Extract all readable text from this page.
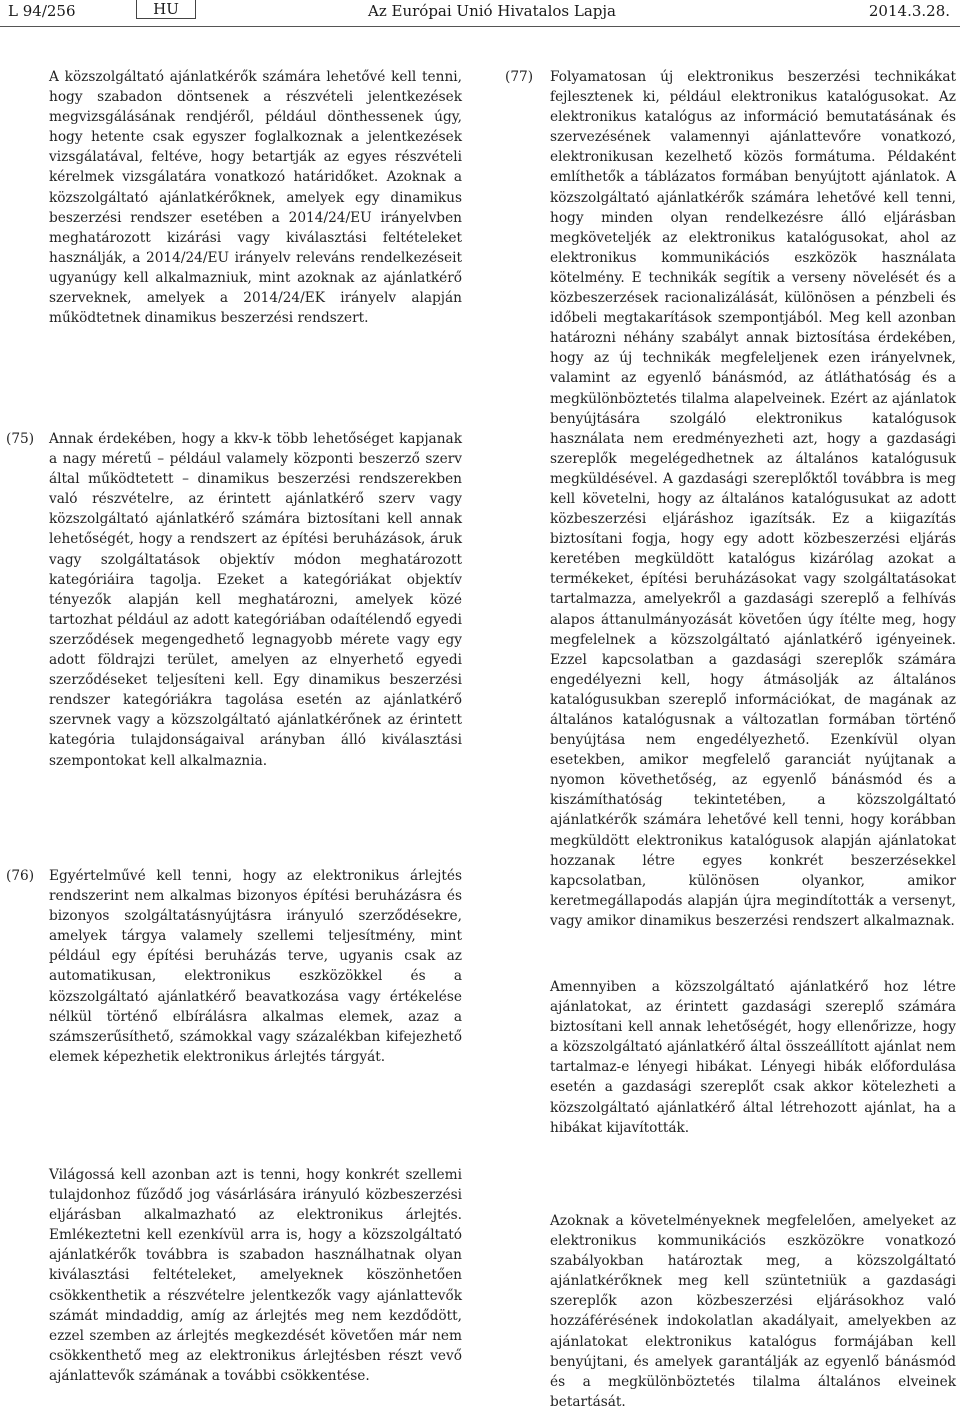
L 94/256	HU	Az Európai Unió Hivatalos Lapja	2014.3.28.

A közszolgáltató ajánlatkérők számára lehetővé kell tenni, hogy szabadon döntsenek a részvételi jelentkezések megvizsgálásának rendjéről, például dönthessenek úgy, hogy hetente csak egyszer foglalkoznak a jelentkezések vizsgálatával, feltéve, hogy betartják az egyes részvételi kérelmek vizsgálatára vonatkozó határidőket. Azoknak a közszolgáltató ajánlatkérőknek, amelyek egy dinamikus beszerzési rendszer esetében a 2014/24/EU irányelvben meghatározott kizárási vagy kiválasztási feltételeket használják, a 2014/24/EU irányelv releváns rendelkezéseit ugyanúgy kell alkalmazniuk, mint azoknak az ajánlatkérő szerveknek, amelyek a 2014/24/EK irányelv alapján működtetnek dinamikus beszerzési rendszert.

(75) Annak érdekében, hogy a kkv-k több lehetőséget kapjanak a nagy méretű – például valamely központi beszerző szerv által működtetett – dinamikus beszerzési rendszerekben való részvételre, az érintett ajánlatkérő szerv vagy közszolgáltató ajánlatkérő számára biztosítani kell annak lehetőségét, hogy a rendszert az építési beruházások, áruk vagy szolgáltatások objektív módon meghatározott kategóriáira tagolja. Ezeket a kategóriákat objektív tényezők alapján kell meghatározni, amelyek közé tartozhat például az adott kategóriában odaítélendő egyedi szerződések megengedhető legnagyobb mérete vagy egy adott földrajzi terület, amelyen az elnyerhető egyedi szerződéseket teljesíteni kell. Egy dinamikus beszerzési rendszer kategóriákra tagolása esetén az ajánlatkérő szervnek vagy a közszolgáltató ajánlatkérőnek az érintett kategória tulajdonságaival arányban álló kiválasztási szempontokat kell alkalmaznia.

(76) Egyértelművé kell tenni, hogy az elektronikus árlejtés rendszerint nem alkalmas bizonyos építési beruházásra és bizonyos szolgáltatásnyújtásra irányuló szerződésekre, amelyek tárgya valamely szellemi teljesítmény, mint például egy építési beruházás terve, ugyanis csak az automatikusan, elektronikus eszközökkel és a közszolgáltató ajánlatkérő beavatkozása vagy értékelése nélkül történő elbírálásra alkalmas elemek, azaz a számszerűsíthető, számokkal vagy százalékban kifejezhető elemek képezhetik elektronikus árlejtés tárgyát.

Világossá kell azonban azt is tenni, hogy konkrét szellemi tulajdonhoz fűződő jog vásárlására irányuló közbeszerzési eljárásban alkalmazható az elektronikus árlejtés. Emlékeztetni kell ezenkívül arra is, hogy a közszolgáltató ajánlatkérők továbbra is szabadon használhatnak olyan kiválasztási feltételeket, amelyeknek köszönhetően csökkenthetik a részvételre jelentkezők vagy ajánlattevők számát mindaddig, amíg az árlejtés meg nem kezdődött, ezzel szemben az árlejtés megkezdését követően már nem csökkenthető meg az elektronikus árlejtésben részt vevő ajánlattevők számának a további csökkentése.

(77) Folyamatosan új elektronikus beszerzési technikákat fejlesztenek ki, például elektronikus katalógusokat. Az elektronikus katalógus az információ bemutatásának és szervezésének valamennyi ajánlattevőre vonatkozó, elektronikusan kezelhető közös formátuma. Példaként említhetők a táblázatos formában benyújtott ajánlatok. A közszolgáltató ajánlatkérők számára lehetővé kell tenni, hogy minden olyan rendelkezésre álló eljárásban megköveteljék az elektronikus katalógusokat, ahol az elektronikus kommunikációs eszközök használata kötelmény. E technikák segítik a verseny növelését és a közbeszerzések racionalizálását, különösen a pénzbeli és időbeli megtakarítások szempontjából. Meg kell azonban határozni néhány szabályt annak biztosítása érdekében, hogy az új technikák megfeleljenek ezen irányelvnek, valamint az egyenlő bánásmód, az átláthatóság és a megkülönböztetés tilalma alapelveinek. Ezért az ajánlatok benyújtására szolgáló elektronikus katalógusok használata nem eredményezheti azt, hogy a gazdasági szereplők megelégedhetnek az általános katalógusuk megküldésével. A gazdasági szereplőktől továbbra is meg kell követelni, hogy az általános katalógusukat az adott közbeszerzési eljáráshoz igazítsák. Ez a kiigazítás biztosítani fogja, hogy egy adott közbeszerzési eljárás keretében megküldött katalógus kizárólag azokat a termékeket, építési beruházásokat vagy szolgáltatásokat tartalmazza, amelyekről a gazdasági szereplő a felhívás alapos áttanulmányozását követően úgy ítélte meg, hogy megfelelnek a közszolgáltató ajánlatkérő igényeinek. Ezzel kapcsolatban a gazdasági szereplők számára engedélyezni kell, hogy átmásolják az általános katalógusukban szereplő információkat, de magának az általános katalógusnak a változatlan formában történő benyújtása nem engedélyezhető. Ezenkívül olyan esetekben, amikor megfelelő garanciát nyújtanak a nyomon követhetőség, az egyenlő bánásmód és a kiszámíthatóság tekintetében, a közszolgáltató ajánlatkérők számára lehetővé kell tenni, hogy korábban megküldött elektronikus katalógusok alapján ajánlatokat hozzanak létre egyes konkrét beszerzésekkel kapcsolatban, különösen olyankor, amikor keretmegállapodás alapján újra megindították a versenyt, vagy amikor dinamikus beszerzési rendszert alkalmaznak.

Amennyiben a közszolgáltató ajánlatkérő hoz létre ajánlatokat, az érintett gazdasági szereplő számára biztosítani kell annak lehetőségét, hogy ellenőrizze, hogy a közszolgáltató ajánlatkérő által összeállított ajánlat nem tartalmaz-e lényegi hibákat. Lényegi hibák előfordulása esetén a gazdasági szereplőt csak akkor kötelezheti a közszolgáltató ajánlatkérő által létrehozott ajánlat, ha a hibákat kijavították.

Azoknak a követelményeknek megfelelően, amelyeket az elektronikus kommunikációs eszközökre vonatkozó szabályokban határoztak meg, a közszolgáltató ajánlatkérőknek meg kell szüntetniük a gazdasági szereplők azon közbeszerzési eljárásokhoz való hozzáférésének indokolatlan akadályait, amelyekben az ajánlatokat elektronikus katalógus formájában kell benyújtani, és amelyek garantálják az egyenlő bánásmód és a megkülönböztetés tilalma általános elveinek betartását.
